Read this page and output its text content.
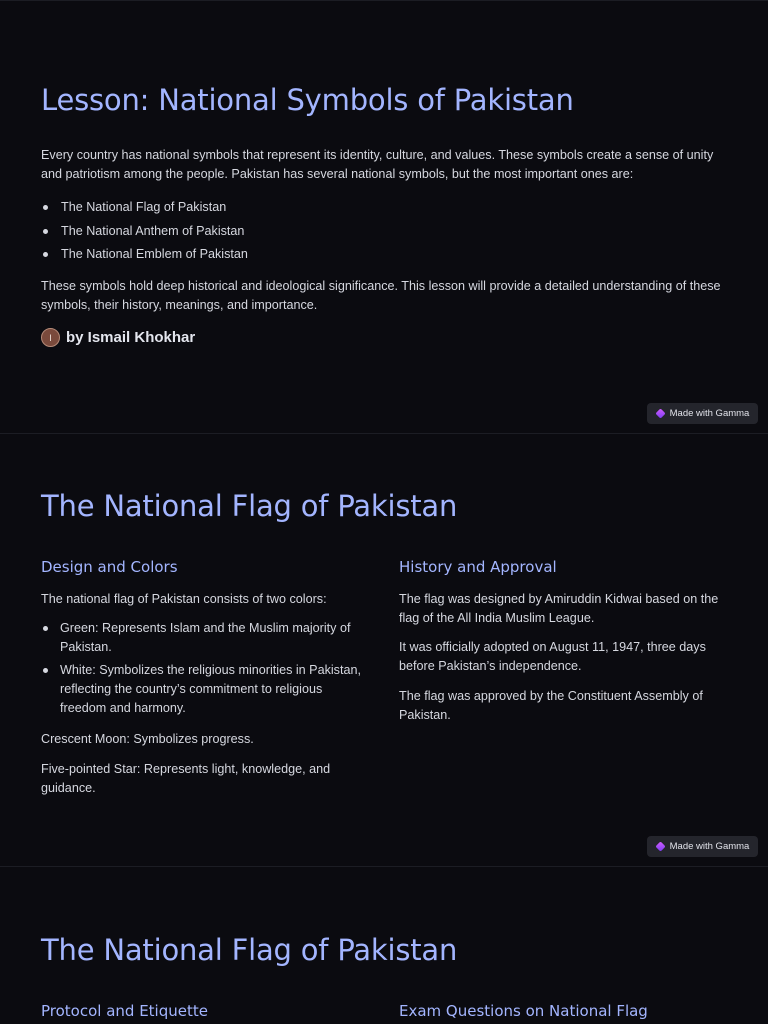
Lesson: National Symbols of Pakistan

Every country has national symbols that represent its identity, culture, and values. These symbols create a sense of unity and patriotism among the people. Pakistan has several national symbols, but the most important ones are:

The National Flag of Pakistan
The National Anthem of Pakistan
The National Emblem of Pakistan

These symbols hold deep historical and ideological significance. This lesson will provide a detailed understanding of these symbols, their history, meanings, and importance.

I by Ismail Khokhar
Made with Gamma
The National Flag of Pakistan
Design and Colors

The national flag of Pakistan consists of two colors:

Green: Represents Islam and the Muslim majority of Pakistan.
White: Symbolizes the religious minorities in Pakistan, reflecting the country’s commitment to religious freedom and harmony.

Crescent Moon: Symbolizes progress.

Five-pointed Star: Represents light, knowledge, and guidance.

History and Approval

The flag was designed by Amiruddin Kidwai based on the flag of the All India Muslim League.

It was officially adopted on August 11, 1947, three days before Pakistan’s independence.

The flag was approved by the Constituent Assembly of Pakistan.

Made with Gamma
The National Flag of Pakistan
Protocol and Etiquette	Exam Questions on National Flag
